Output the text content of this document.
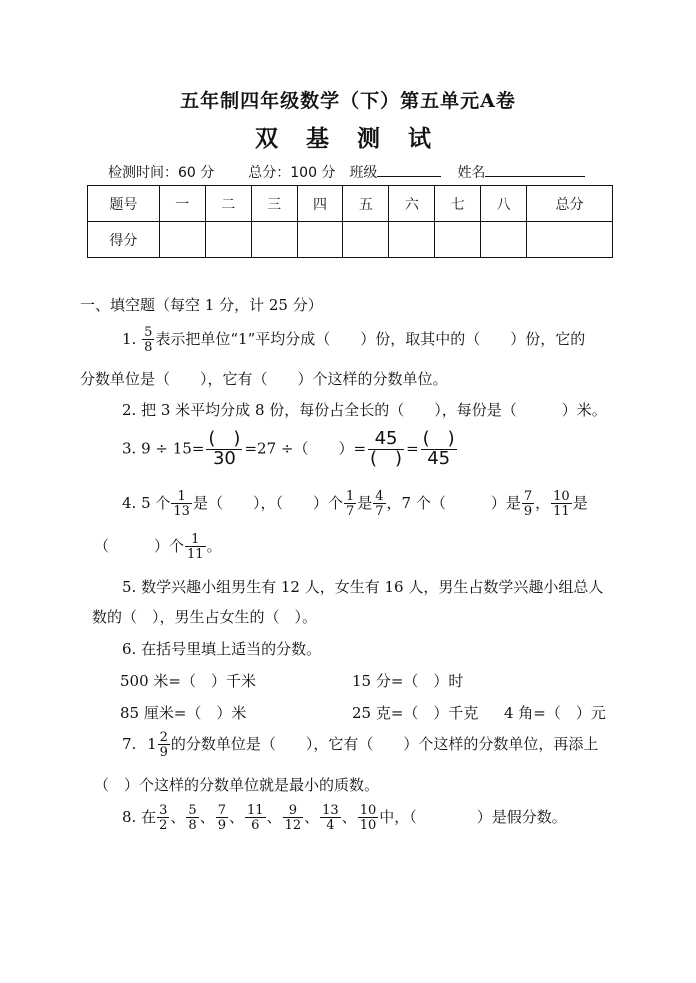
五年制四年级数学（下）第五单元A卷
双 基 测 试
检测时间：60 分 总分：100 分 班级	姓名
题号	一	二	三	四	五	六	七	八	总分
得分									
一、填空题（每空 1 分，计 25 分）
1. $\frac{5}{8}$ 表示把单位“1”平均分成（　　）份，取其中的（　　）份，它的
分数单位是（　　），它有（　　）个这样的分数单位。
2. 把 3 米平均分成 8 份，每份占全长的（　　），每份是（　　　）米。
3. 9 ÷ 15= (　)
30 =27 ÷（　　）= 45
(　) = (　)
45
4. 5 个 $\frac{1}{13}$ 是（　　），（　　）个 $\frac{1}{7}$ 是 $\frac{4}{7}$ ，7 个（　　　）是 $\frac{7}{9}$ ， $\frac{10}{11}$ 是
（　　　）个 $\frac{1}{11}$ 。
5. 数学兴趣小组男生有 12 人，女生有 16 人，男生占数学兴趣小组总人
数的（　），男生占女生的（　）。
6. 在括号里填上适当的分数。
500 米=（　）千米	15 分=（　）时
85 厘米=（　）米	25 克=（　）千克 4 角=（　）元
7. $1 \frac{2}{9}$ 的分数单位是（　　），它有（　　）个这样的分数单位，再添上
（　）个这样的分数单位就是最小的质数。
8. 在 $\frac{3}{2}$ 、 $\frac{5}{8}$ 、 $\frac{7}{9}$ 、 $\frac{11}{6}$ 、 $\frac{9}{12}$ 、 $\frac{13}{4}$ 、 $\frac{10}{10}$ 中，（　　　　）是假分数。
